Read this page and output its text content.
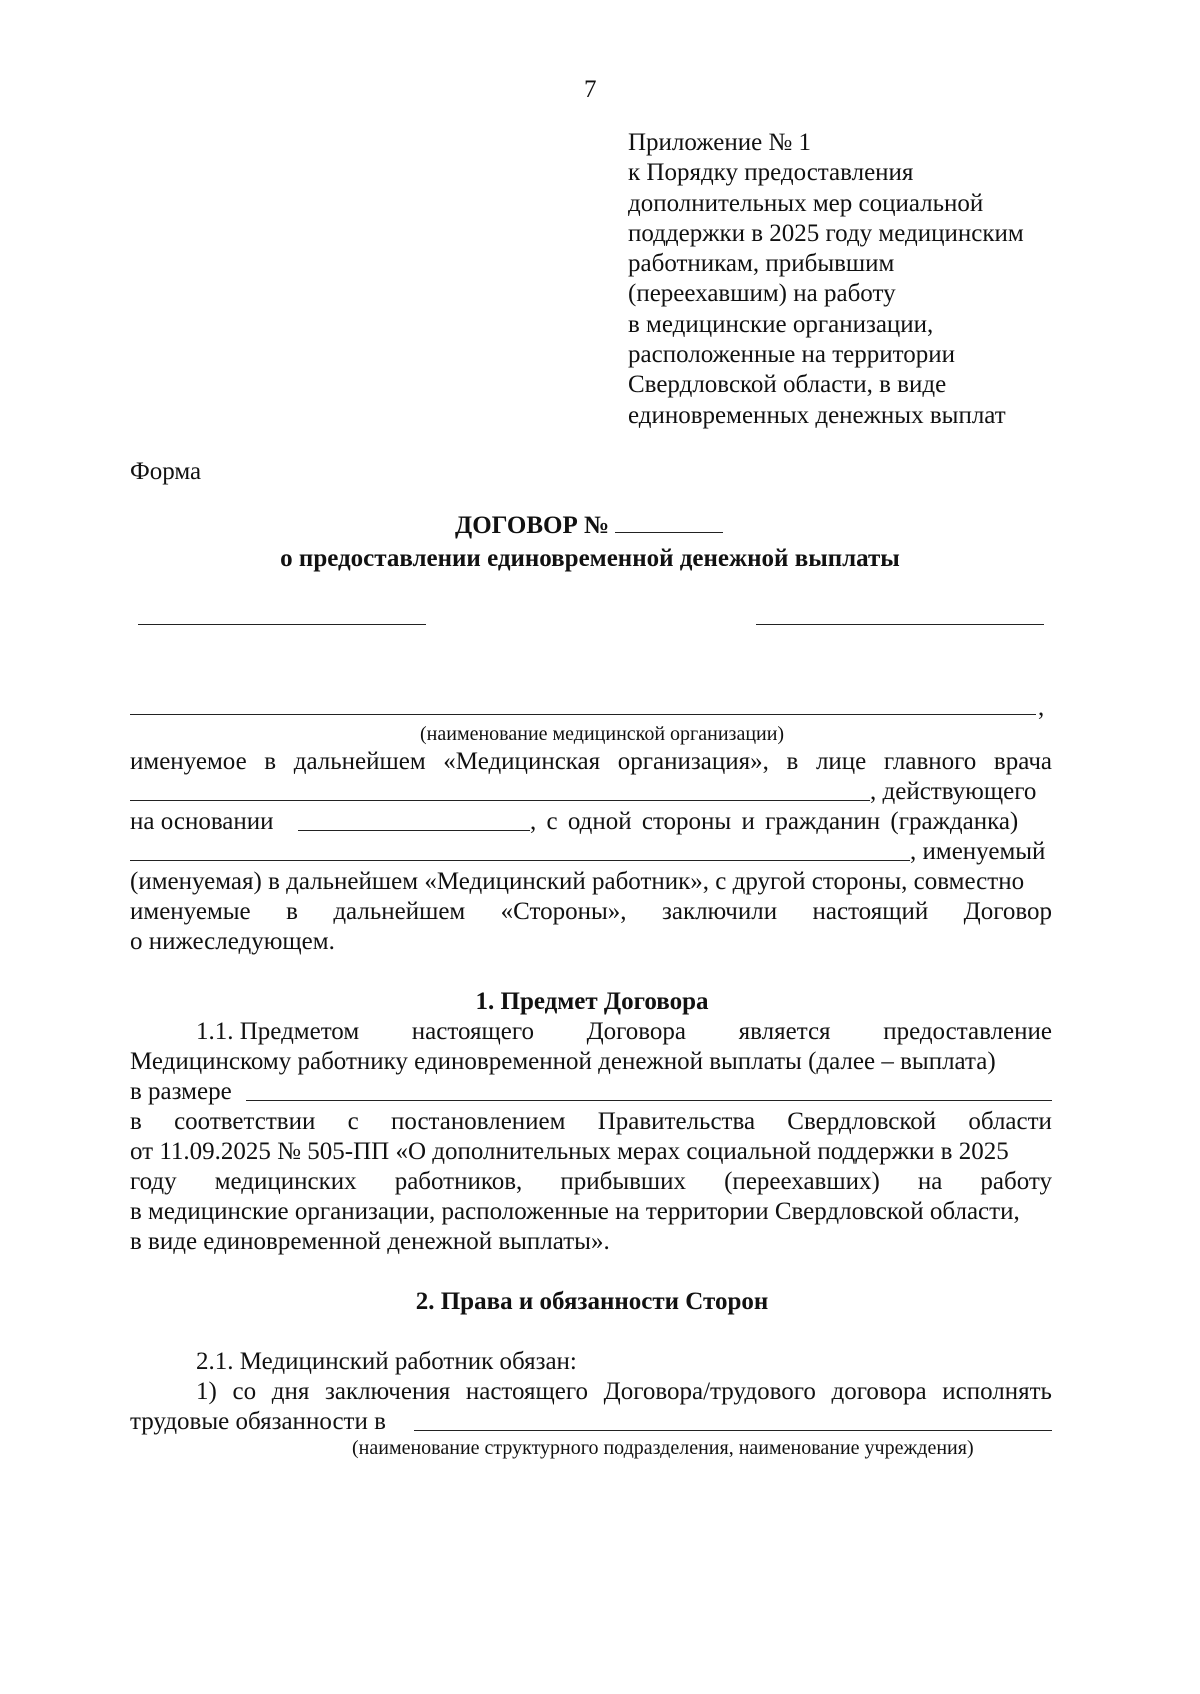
7
Приложение № 1
к Порядку предоставления
дополнительных мер социальной
поддержки в 2025 году медицинским
работникам, прибывшим
(переехавшим) на работу
в медицинские организации,
расположенные на территории
Свердловской области, в виде
единовременных денежных выплат
Форма
ДОГОВОР №
о предоставлении единовременной денежной выплаты
,
(наименование медицинской организации)
именуемое в дальнейшем «Медицинская организация», в лице главного врача
, действующего
на основании	, с одной стороны и гражданин (гражданка)
, именуемый
(именуемая) в дальнейшем «Медицинский работник», с другой стороны, совместно
именуемые в дальнейшем «Стороны», заключили настоящий Договор
о нижеследующем.
1. Предмет Договора
1.1. Предметом настоящего Договора является предоставление
Медицинскому работнику единовременной денежной выплаты (далее – выплата)
в размере
в соответствии с постановлением Правительства Свердловской области
от 11.09.2025 № 505-ПП «О дополнительных мерах социальной поддержки в 2025
году медицинских работников, прибывших (переехавших) на работу
в медицинские организации, расположенные на территории Свердловской области,
в виде единовременной денежной выплаты».
2. Права и обязанности Сторон
2.1. Медицинский работник обязан:
1) со дня заключения настоящего Договора/трудового договора исполнять
трудовые обязанности в
(наименование структурного подразделения, наименование учреждения)
